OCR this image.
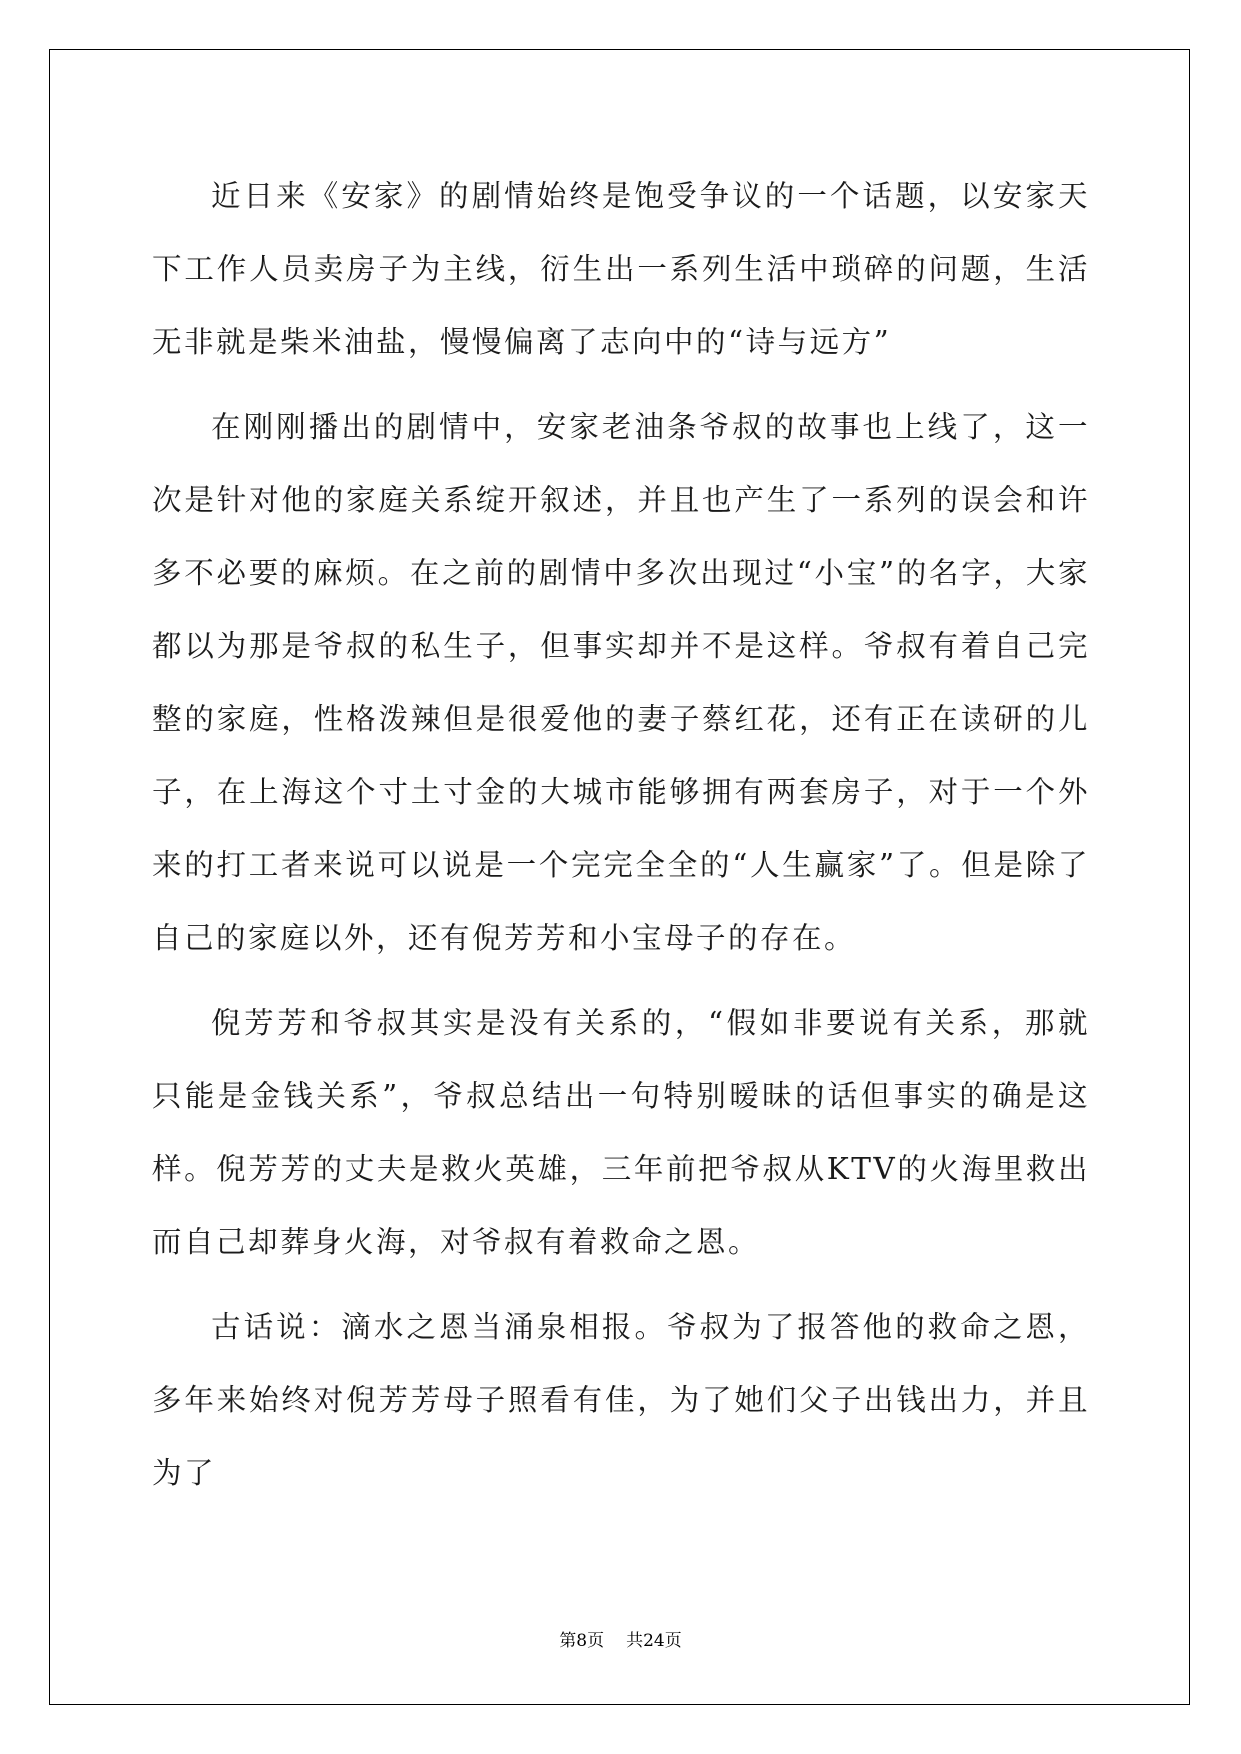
近日来《安家》的剧情始终是饱受争议的一个话题，以安家天下工作人员卖房子为主线，衍生出一系列生活中琐碎的问题，生活无非就是柴米油盐，慢慢偏离了志向中的“诗与远方”

在刚刚播出的剧情中，安家老油条爷叔的故事也上线了，这一次是针对他的家庭关系绽开叙述，并且也产生了一系列的误会和许多不必要的麻烦。在之前的剧情中多次出现过“小宝”的名字，大家都以为那是爷叔的私生子，但事实却并不是这样。爷叔有着自己完整的家庭，性格泼辣但是很爱他的妻子蔡红花，还有正在读研的儿子，在上海这个寸土寸金的大城市能够拥有两套房子，对于一个外来的打工者来说可以说是一个完完全全的“人生赢家”了。但是除了自己的家庭以外，还有倪芳芳和小宝母子的存在。

倪芳芳和爷叔其实是没有关系的，“假如非要说有关系，那就只能是金钱关系”，爷叔总结出一句特别暧昧的话但事实的确是这样。倪芳芳的丈夫是救火英雄，三年前把爷叔从KTV的火海里救出而自己却葬身火海，对爷叔有着救命之恩。

古话说：滴水之恩当涌泉相报。爷叔为了报答他的救命之恩，多年来始终对倪芳芳母子照看有佳，为了她们父子出钱出力，并且为了

第8页 共24页
